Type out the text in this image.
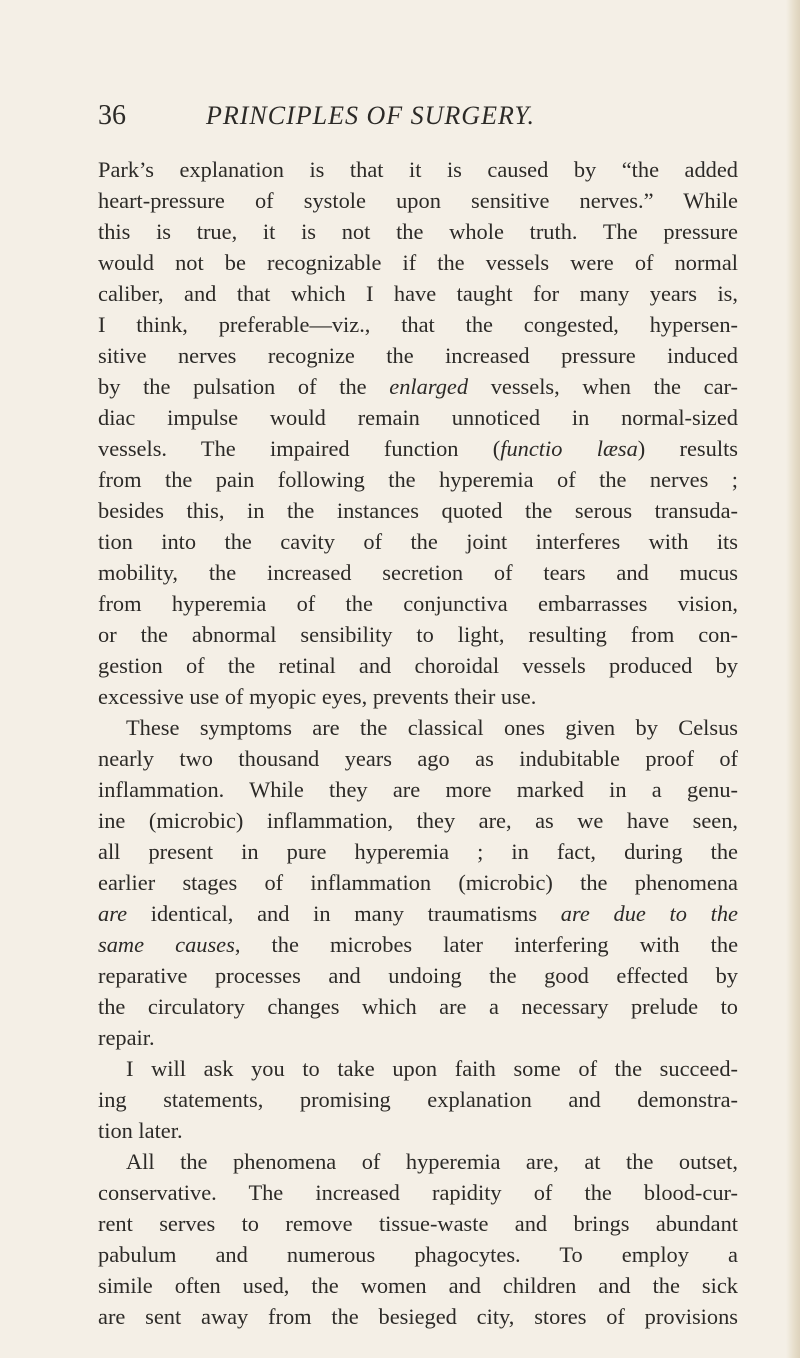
36	PRINCIPLES OF SURGERY.
Park’s explanation is that it is caused by “the added
heart-pressure of systole upon sensitive nerves.” While
this is true, it is not the whole truth. The pressure
would not be recognizable if the vessels were of normal
caliber, and that which I have taught for many years is,
I think, preferable—viz., that the congested, hypersen-
sitive nerves recognize the increased pressure induced
by the pulsation of the enlarged vessels, when the car-
diac impulse would remain unnoticed in normal-sized
vessels. The impaired function (functio læsa) results
from the pain following the hyperemia of the nerves ;
besides this, in the instances quoted the serous transuda-
tion into the cavity of the joint interferes with its
mobility, the increased secretion of tears and mucus
from hyperemia of the conjunctiva embarrasses vision,
or the abnormal sensibility to light, resulting from con-
gestion of the retinal and choroidal vessels produced by
excessive use of myopic eyes, prevents their use.
These symptoms are the classical ones given by Celsus
nearly two thousand years ago as indubitable proof of
inflammation. While they are more marked in a genu-
ine (microbic) inflammation, they are, as we have seen,
all present in pure hyperemia ; in fact, during the
earlier stages of inflammation (microbic) the phenomena
are identical, and in many traumatisms are due to the
same causes, the microbes later interfering with the
reparative processes and undoing the good effected by
the circulatory changes which are a necessary prelude to
repair.
I will ask you to take upon faith some of the succeed-
ing statements, promising explanation and demonstra-
tion later.
All the phenomena of hyperemia are, at the outset,
conservative. The increased rapidity of the blood-cur-
rent serves to remove tissue-waste and brings abundant
pabulum and numerous phagocytes. To employ a
simile often used, the women and children and the sick
are sent away from the besieged city, stores of provisions
